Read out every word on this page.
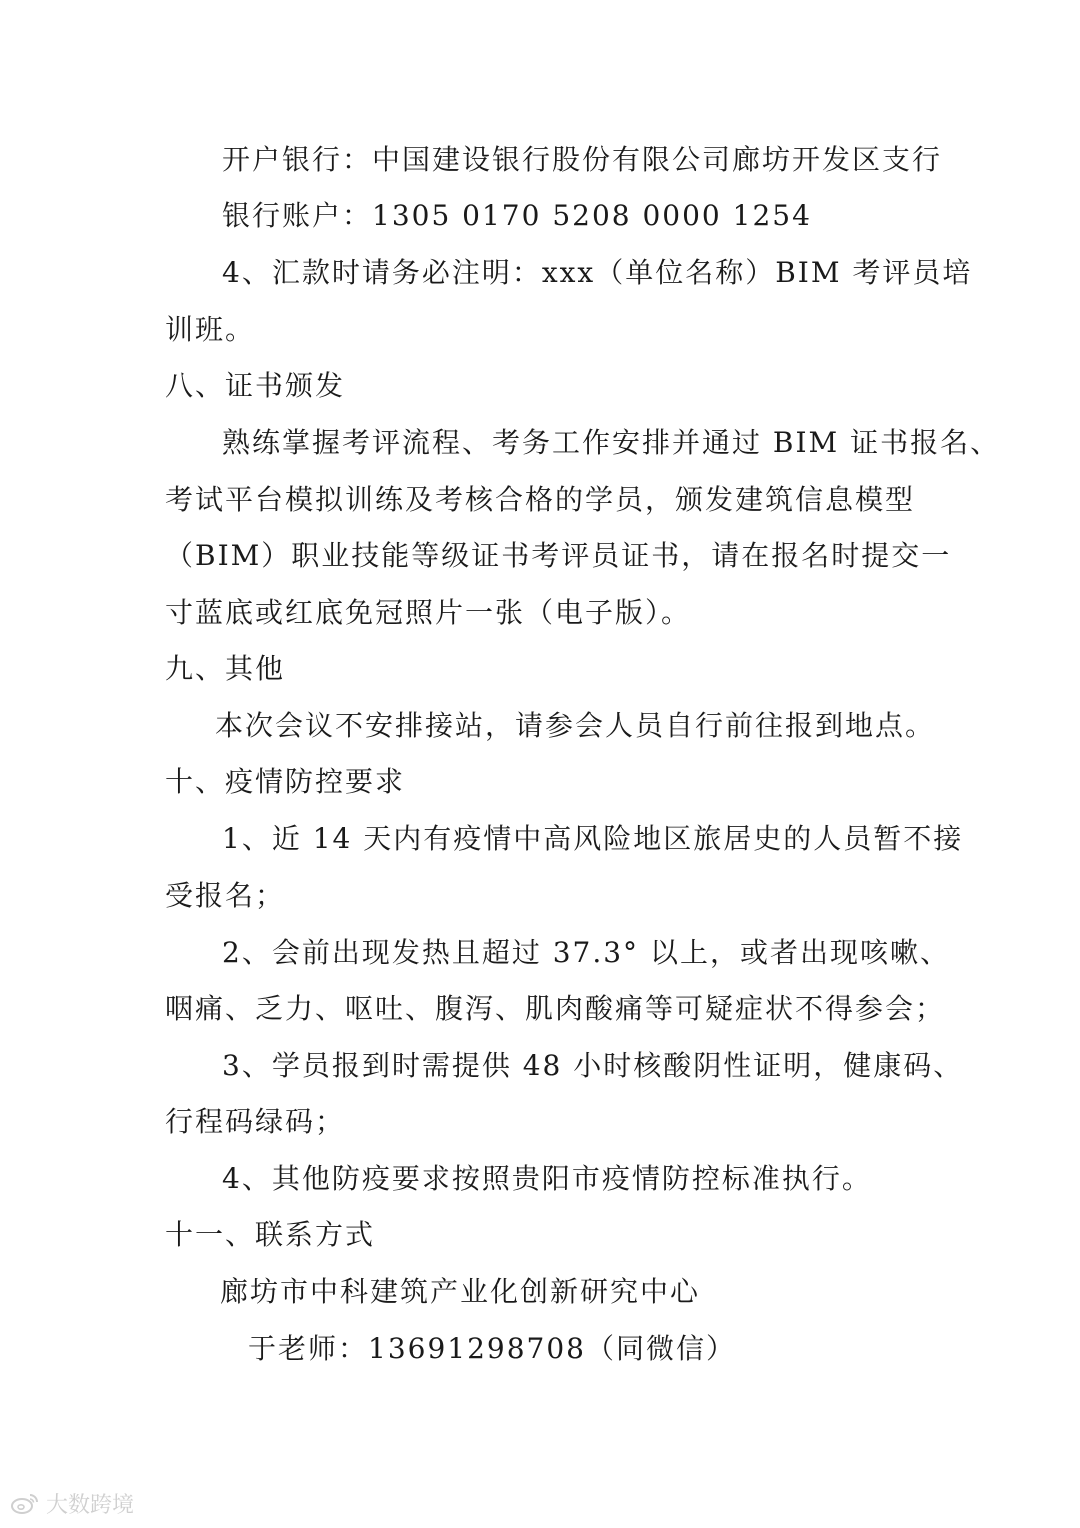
开户银行：中国建设银行股份有限公司廊坊开发区支行
银行账户：1305 0170 5208 0000 1254
4、汇款时请务必注明：xxx（单位名称）BIM 考评员培
训班。
八、证书颁发
熟练掌握考评流程、考务工作安排并通过 BIM 证书报名、
考试平台模拟训练及考核合格的学员，颁发建筑信息模型
（BIM）职业技能等级证书考评员证书，请在报名时提交一
寸蓝底或红底免冠照片一张（电子版）。
九、其他
本次会议不安排接站，请参会人员自行前往报到地点。
十、疫情防控要求
1、近 14 天内有疫情中高风险地区旅居史的人员暂不接
受报名；
2、会前出现发热且超过 37.3° 以上，或者出现咳嗽、
咽痛、乏力、呕吐、腹泻、肌肉酸痛等可疑症状不得参会；
3、学员报到时需提供 48 小时核酸阴性证明，健康码、
行程码绿码；
4、其他防疫要求按照贵阳市疫情防控标准执行。
十一、联系方式
廊坊市中科建筑产业化创新研究中心
于老师：13691298708（同微信）
大数跨境
